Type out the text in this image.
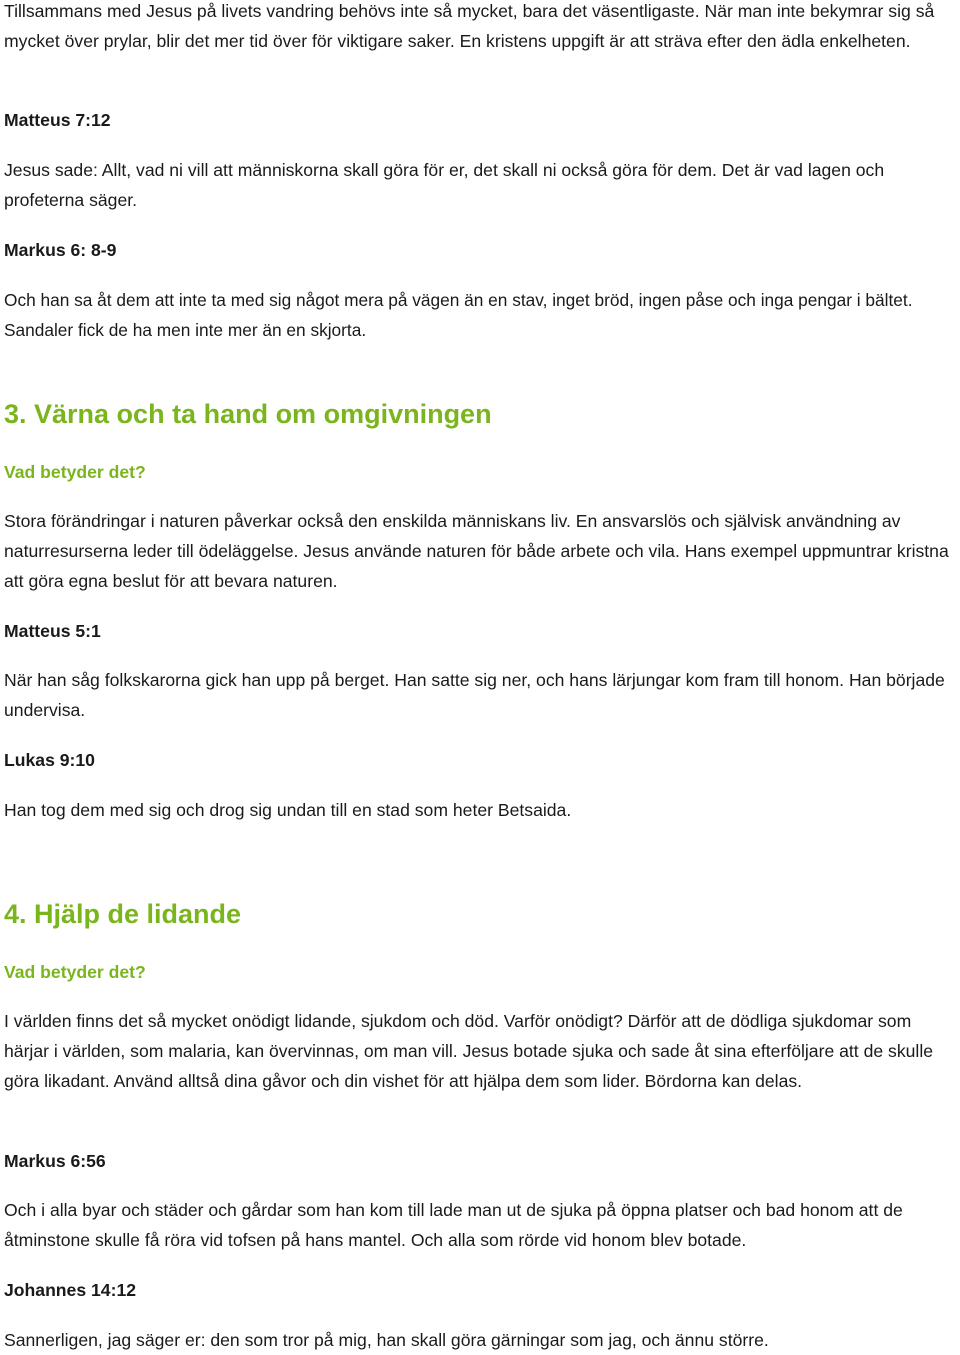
Tillsammans med Jesus på livets vandring behövs inte så mycket, bara det väsentligaste. När man inte bekymrar sig så mycket över prylar, blir det mer tid över för viktigare saker. En kristens uppgift är att sträva efter den ädla enkelheten.

Matteus 7:12

Jesus sade: Allt, vad ni vill att människorna skall göra för er, det skall ni också göra för dem. Det är vad lagen och profeterna säger.

Markus 6: 8-9

Och han sa åt dem att inte ta med sig något mera på vägen än en stav, inget bröd, ingen påse och inga pengar i bältet. Sandaler fick de ha men inte mer än en skjorta.

3. Värna och ta hand om omgivningen

Vad betyder det?

Stora förändringar i naturen påverkar också den enskilda människans liv. En ansvarslös och självisk användning av naturresurserna leder till ödeläggelse. Jesus använde naturen för både arbete och vila. Hans exempel uppmuntrar kristna att göra egna beslut för att bevara naturen.

Matteus 5:1

När han såg folkskarorna gick han upp på berget. Han satte sig ner, och hans lärjungar kom fram till honom. Han började undervisa.

Lukas 9:10

Han tog dem med sig och drog sig undan till en stad som heter Betsaida.

4. Hjälp de lidande

Vad betyder det?

I världen finns det så mycket onödigt lidande, sjukdom och död. Varför onödigt? Därför att de dödliga sjukdomar som härjar i världen, som malaria, kan övervinnas, om man vill. Jesus botade sjuka och sade åt sina efterföljare att de skulle göra likadant. Använd alltså dina gåvor och din vishet för att hjälpa dem som lider. Bördorna kan delas.

Markus 6:56

Och i alla byar och städer och gårdar som han kom till lade man ut de sjuka på öppna platser och bad honom att de åtminstone skulle få röra vid tofsen på hans mantel. Och alla som rörde vid honom blev botade.

Johannes 14:12

Sannerligen, jag säger er: den som tror på mig, han skall göra gärningar som jag, och ännu större.
